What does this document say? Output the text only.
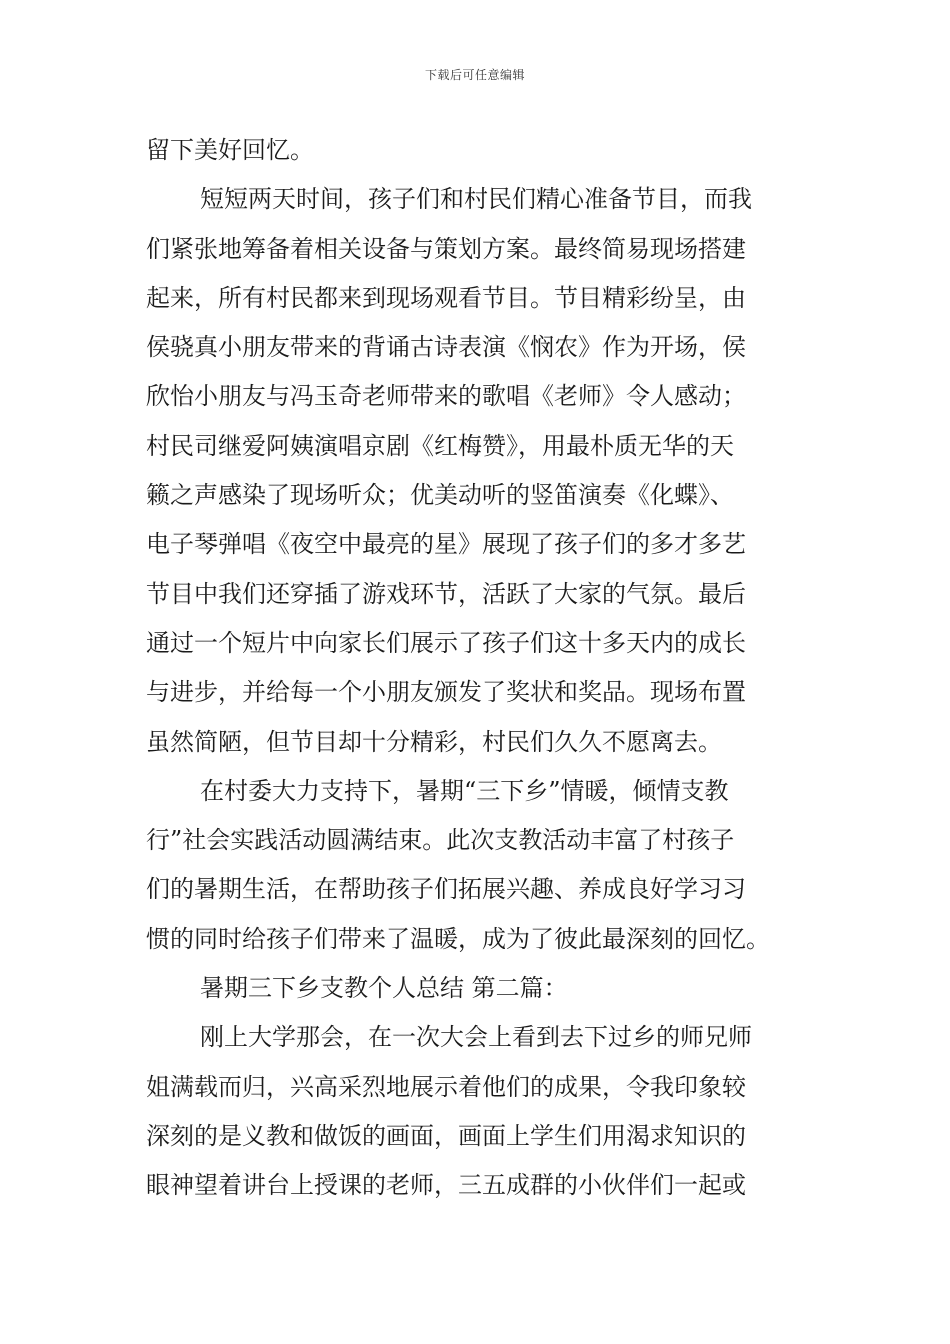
下载后可任意编辑
留下美好回忆。
短短两天时间，孩子们和村民们精心准备节目，而我
们紧张地筹备着相关设备与策划方案。最终简易现场搭建
起来，所有村民都来到现场观看节目。节目精彩纷呈，由
侯骁真小朋友带来的背诵古诗表演《悯农》作为开场，侯
欣怡小朋友与冯玉奇老师带来的歌唱《老师》令人感动；
村民司继爱阿姨演唱京剧《红梅赞》，用最朴质无华的天
籁之声感染了现场听众；优美动听的竖笛演奏《化蝶》、
电子琴弹唱《夜空中最亮的星》展现了孩子们的多才多艺
节目中我们还穿插了游戏环节，活跃了大家的气氛。最后
通过一个短片中向家长们展示了孩子们这十多天内的成长
与进步，并给每一个小朋友颁发了奖状和奖品。现场布置
虽然简陋，但节目却十分精彩，村民们久久不愿离去。
在村委大力支持下，暑期“三下乡”情暖，倾情支教
行”社会实践活动圆满结束。此次支教活动丰富了村孩子
们的暑期生活，在帮助孩子们拓展兴趣、养成良好学习习
惯的同时给孩子们带来了温暖，成为了彼此最深刻的回忆。
暑期三下乡支教个人总结 第二篇：
刚上大学那会，在一次大会上看到去下过乡的师兄师
姐满载而归，兴高采烈地展示着他们的成果，令我印象较
深刻的是义教和做饭的画面，画面上学生们用渴求知识的
眼神望着讲台上授课的老师，三五成群的小伙伴们一起或
